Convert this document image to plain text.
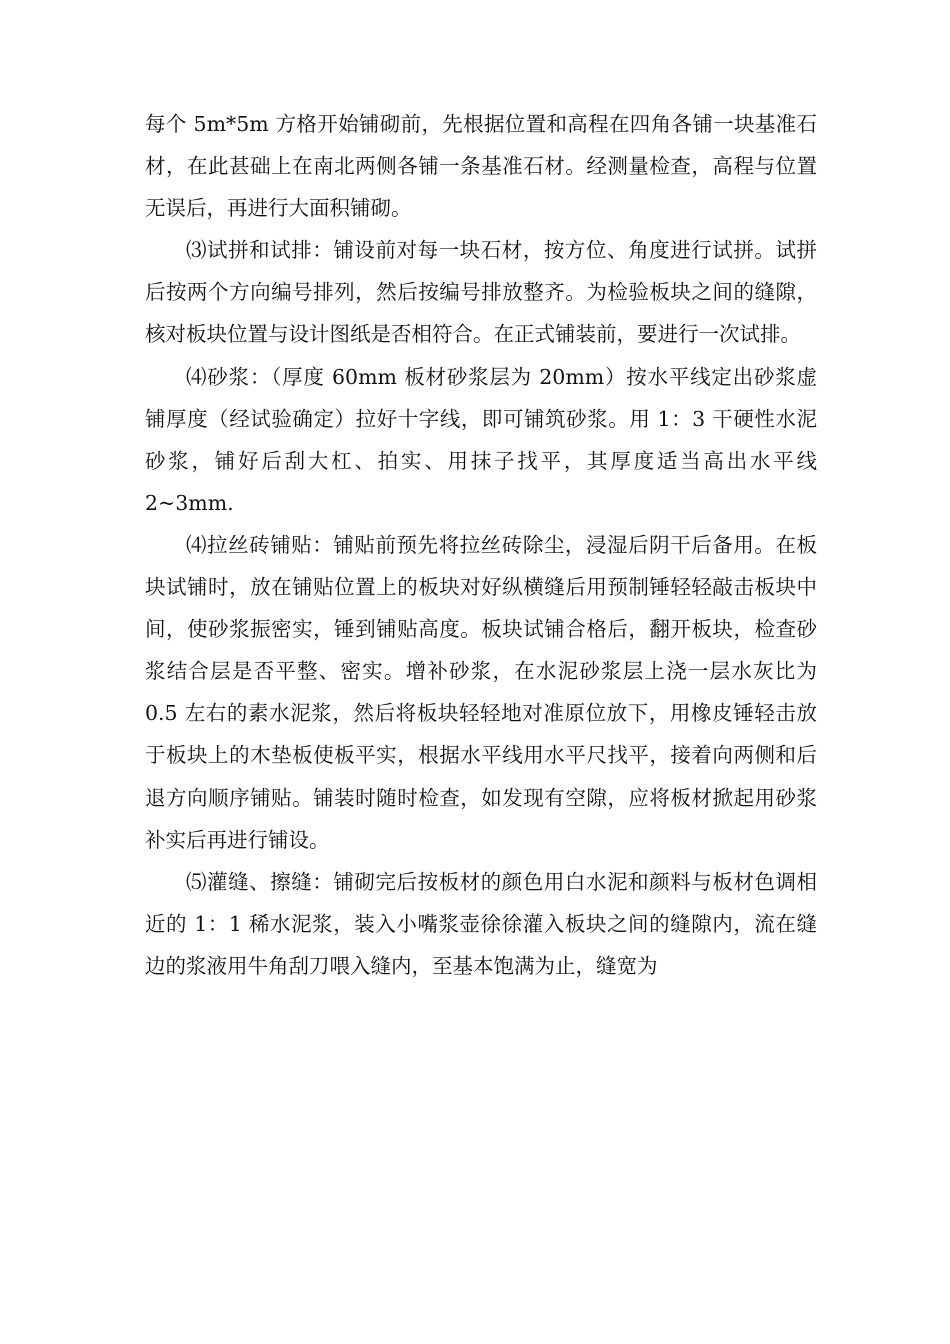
每个 5m*5m 方格开始铺砌前，先根据位置和高程在四角各铺一块基准石材，在此甚础上在南北两侧各铺一条基准石材。经测量检查，高程与位置无误后，再进行大面积铺砌。

⑶试拼和试排：铺设前对每一块石材，按方位、角度进行试拼。试拼后按两个方向编号排列，然后按编号排放整齐。为检验板块之间的缝隙，核对板块位置与设计图纸是否相符合。在正式铺装前，要进行一次试排。

⑷砂浆：（厚度 60mm 板材砂浆层为 20mm）按水平线定出砂浆虚铺厚度（经试验确定）拉好十字线，即可铺筑砂浆。用 1：3 干硬性水泥砂浆，铺好后刮大杠、拍实、用抹子找平，其厚度适当高出水平线 2~3mm.

⑷拉丝砖铺贴：铺贴前预先将拉丝砖除尘，浸湿后阴干后备用。在板块试铺时，放在铺贴位置上的板块对好纵横缝后用预制锤轻轻敲击板块中间，使砂浆振密实，锤到铺贴高度。板块试铺合格后，翻开板块，检查砂浆结合层是否平整、密实。增补砂浆，在水泥砂浆层上浇一层水灰比为 0.5 左右的素水泥浆，然后将板块轻轻地对准原位放下，用橡皮锤轻击放于板块上的木垫板使板平实，根据水平线用水平尺找平，接着向两侧和后退方向顺序铺贴。铺装时随时检查，如发现有空隙，应将板材掀起用砂浆补实后再进行铺设。

⑸灌缝、擦缝：铺砌完后按板材的颜色用白水泥和颜料与板材色调相近的 1：1 稀水泥浆，装入小嘴浆壶徐徐灌入板块之间的缝隙内，流在缝边的浆液用牛角刮刀喂入缝内，至基本饱满为止，缝宽为
